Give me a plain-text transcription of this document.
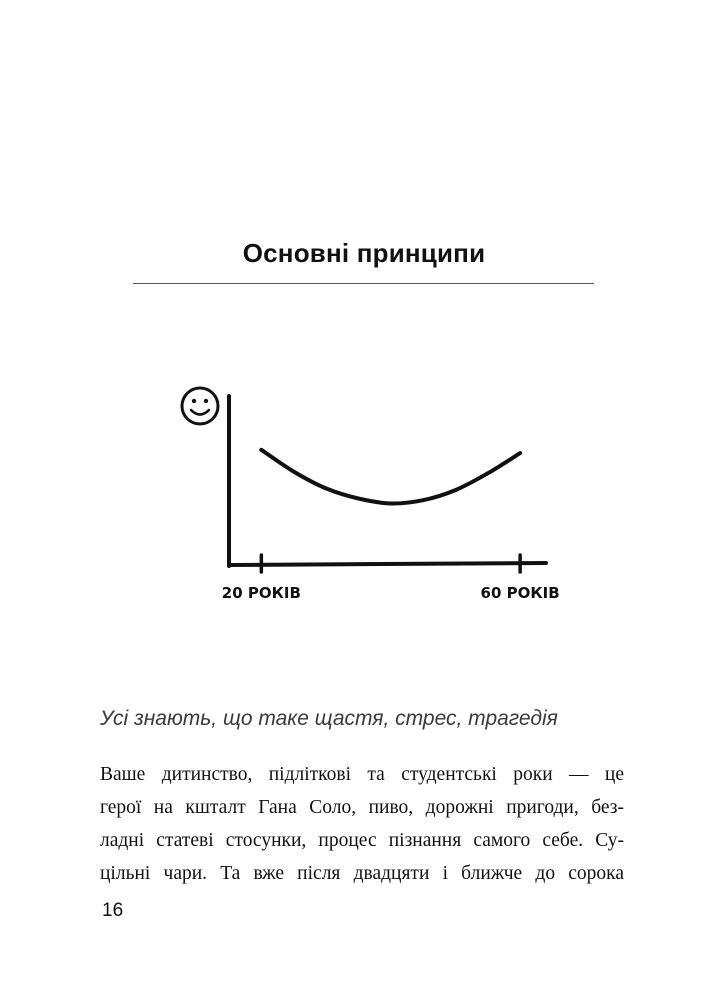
Основні принципи
20 РОКІВ	60 РОКІВ
Усі знають, що таке щастя, стрес, трагедія
Ваше дитинство, підліткові та студентські роки — це
герої на кшталт Гана Соло, пиво, дорожні пригоди, без-
ладні статеві стосунки, процес пізнання самого себе. Су-
цільні чари. Та вже після двадцяти і ближче до сорока
16
